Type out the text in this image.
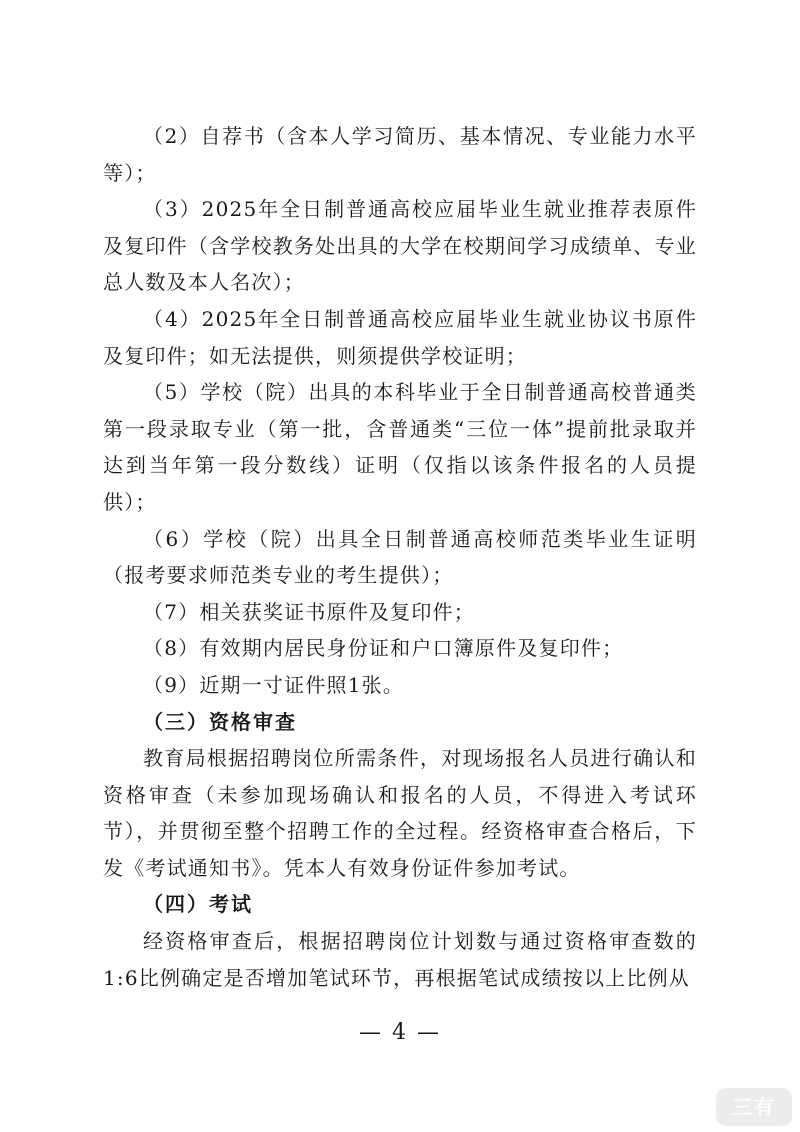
（2）自荐书（含本人学习简历、基本情况、专业能力水平等）；

（3）2025年全日制普通高校应届毕业生就业推荐表原件及复印件（含学校教务处出具的大学在校期间学习成绩单、专业总人数及本人名次）；

（4）2025年全日制普通高校应届毕业生就业协议书原件及复印件；如无法提供，则须提供学校证明；

（5）学校（院）出具的本科毕业于全日制普通高校普通类第一段录取专业（第一批，含普通类“三位一体”提前批录取并达到当年第一段分数线）证明（仅指以该条件报名的人员提供）；

（6）学校（院）出具全日制普通高校师范类毕业生证明（报考要求师范类专业的考生提供）；

（7）相关获奖证书原件及复印件；

（8）有效期内居民身份证和户口簿原件及复印件；

（9）近期一寸证件照1张。

（三）资格审查

教育局根据招聘岗位所需条件，对现场报名人员进行确认和资格审查（未参加现场确认和报名的人员，不得进入考试环节），并贯彻至整个招聘工作的全过程。经资格审查合格后，下发《考试通知书》。凭本人有效身份证件参加考试。

（四）考试

经资格审查后，根据招聘岗位计划数与通过资格审查数的1:6比例确定是否增加笔试环节，再根据笔试成绩按以上比例从

— 4 —
三有
